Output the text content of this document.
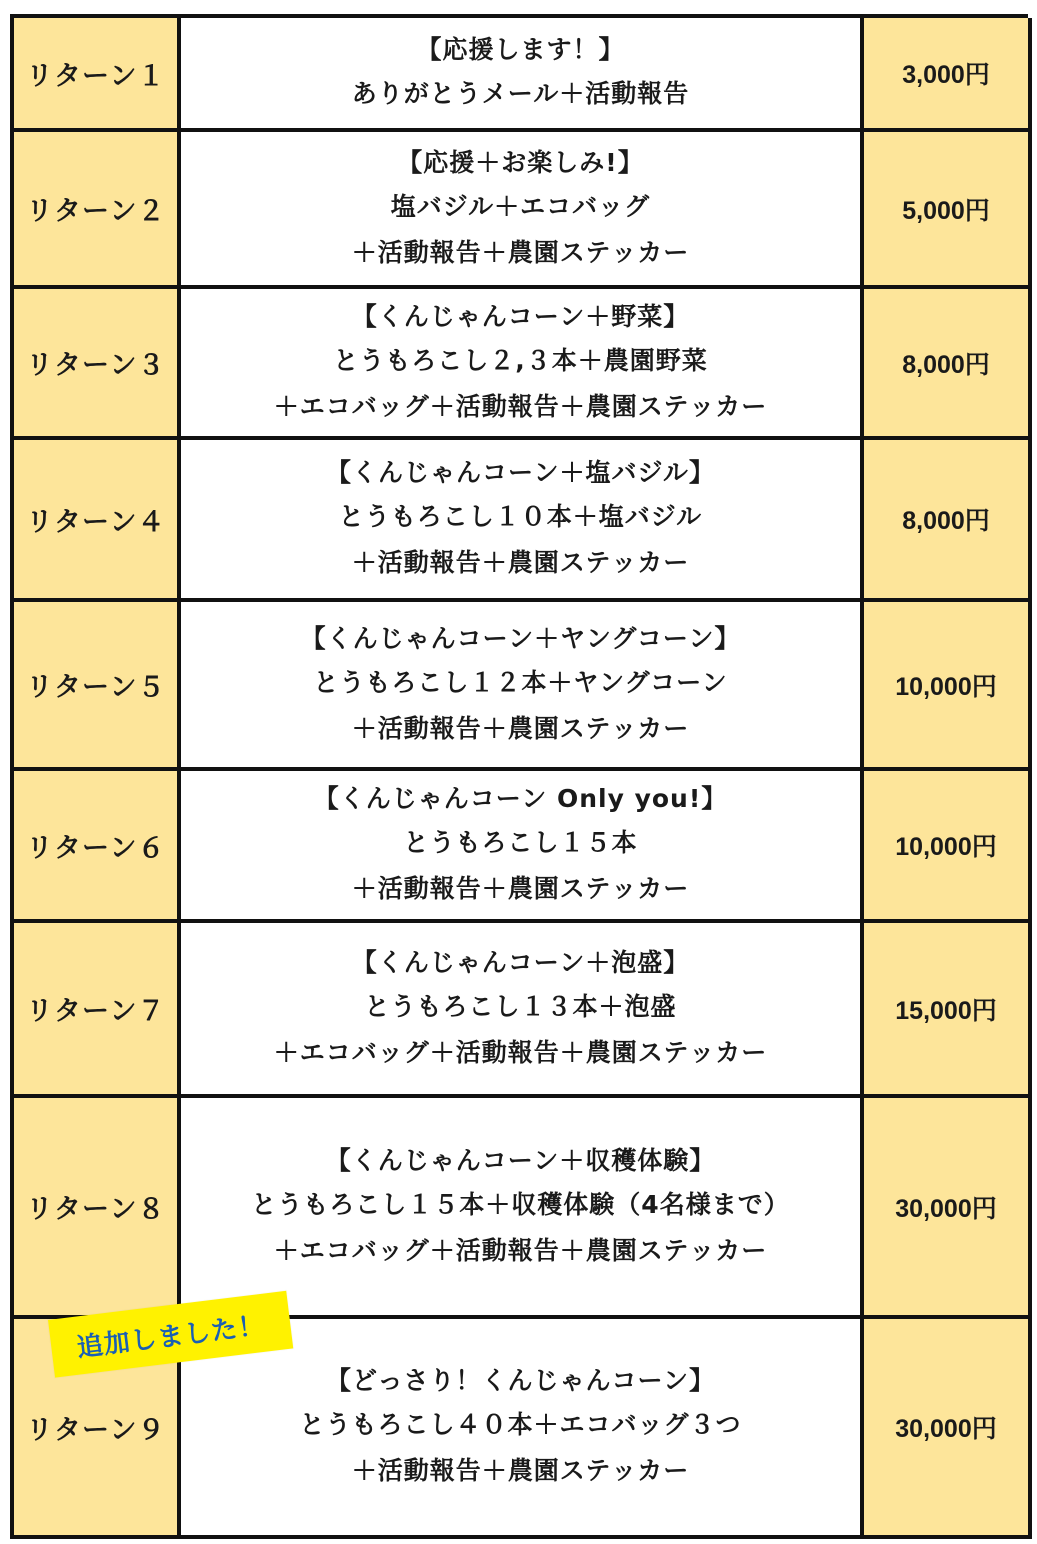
リターン１
【応援します！】
ありがとうメール＋活動報告
3,000円
リターン２
【応援＋お楽しみ!】
塩バジル＋エコバッグ
＋活動報告＋農園ステッカー
5,000円
リターン３
【くんじゃんコーン＋野菜】
とうもろこし２,３本＋農園野菜
＋エコバッグ＋活動報告＋農園ステッカー
8,000円
リターン４
【くんじゃんコーン＋塩バジル】
とうもろこし１０本＋塩バジル
＋活動報告＋農園ステッカー
8,000円
リターン５
【くんじゃんコーン＋ヤングコーン】
とうもろこし１２本＋ヤングコーン
＋活動報告＋農園ステッカー
10,000円
リターン６
【くんじゃんコーン Only you!】
とうもろこし１５本
＋活動報告＋農園ステッカー
10,000円
リターン７
【くんじゃんコーン＋泡盛】
とうもろこし１３本＋泡盛
＋エコバッグ＋活動報告＋農園ステッカー
15,000円
リターン８
【くんじゃんコーン＋収穫体験】
とうもろこし１５本＋収穫体験（4名様まで）
＋エコバッグ＋活動報告＋農園ステッカー
30,000円
リターン９
【どっさり！くんじゃんコーン】
とうもろこし４０本＋エコバッグ３つ
＋活動報告＋農園ステッカー
30,000円
追加しました！
